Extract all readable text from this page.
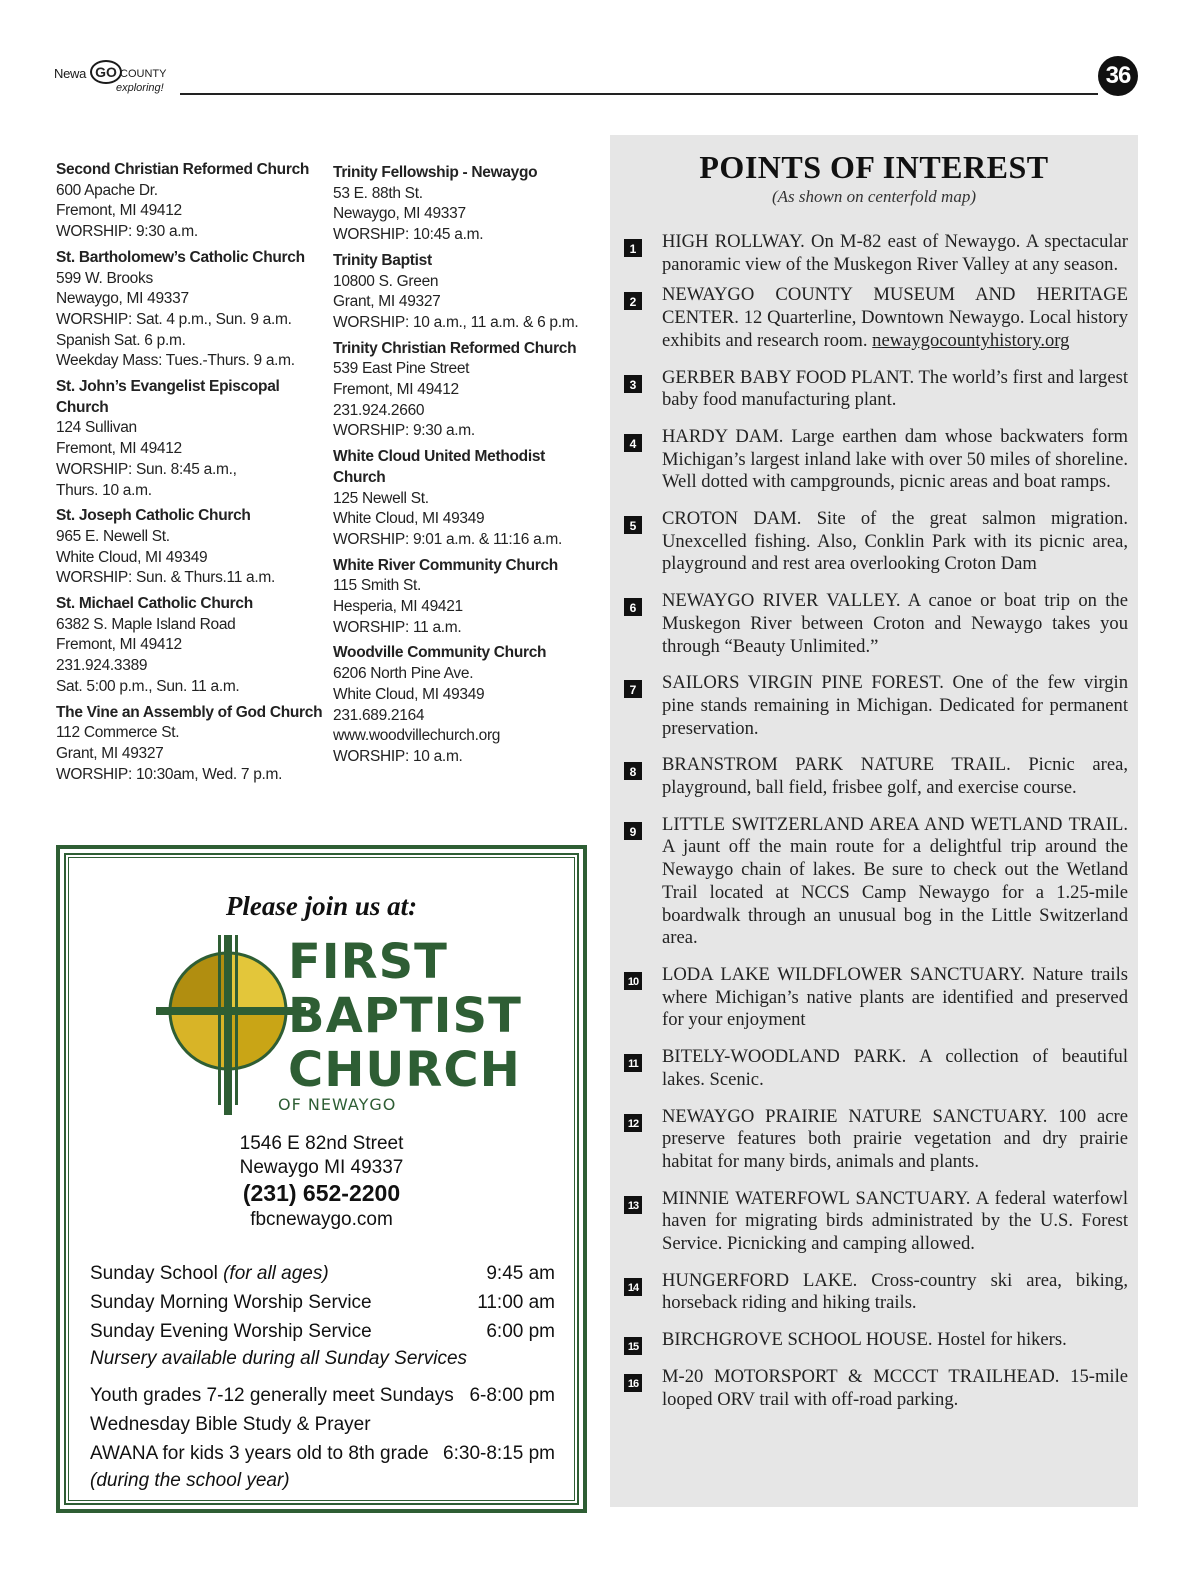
Newa GO COUNTY
exploring!	36
Second Christian Reformed Church
600 Apache Dr.
Fremont, MI 49412
WORSHIP: 9:30 a.m.
St. Bartholomew’s Catholic Church
599 W. Brooks
Newaygo, MI 49337
WORSHIP: Sat. 4 p.m., Sun. 9 a.m.
Spanish Sat. 6 p.m.
Weekday Mass: Tues.-Thurs. 9 a.m.
St. John’s Evangelist Episcopal Church
124 Sullivan
Fremont, MI 49412
WORSHIP: Sun. 8:45 a.m.,
Thurs. 10 a.m.
St. Joseph Catholic Church
965 E. Newell St.
White Cloud, MI 49349
WORSHIP: Sun. & Thurs.11 a.m.
St. Michael Catholic Church
6382 S. Maple Island Road
Fremont, MI 49412
231.924.3389
Sat. 5:00 p.m., Sun. 11 a.m.
The Vine an Assembly of God Church
112 Commerce St.
Grant, MI 49327
WORSHIP: 10:30am, Wed. 7 p.m.
Trinity Fellowship - Newaygo
53 E. 88th St.
Newaygo, MI 49337
WORSHIP: 10:45 a.m.
Trinity Baptist
10800 S. Green
Grant, MI 49327
WORSHIP: 10 a.m., 11 a.m. & 6 p.m.
Trinity Christian Reformed Church
539 East Pine Street
Fremont, MI 49412
231.924.2660
WORSHIP: 9:30 a.m.
White Cloud United Methodist Church
125 Newell St.
White Cloud, MI 49349
WORSHIP: 9:01 a.m. & 11:16 a.m.
White River Community Church
115 Smith St.
Hesperia, MI 49421
WORSHIP: 11 a.m.
Woodville Community Church
6206 North Pine Ave.
White Cloud, MI 49349
231.689.2164
www.woodvillechurch.org
WORSHIP: 10 a.m.
Please join us at:
FIRST
BAPTIST
CHURCH
OF NEWAYGO
1546 E 82nd Street
Newaygo MI 49337
(231) 652-2200
fbcnewaygo.com
Sunday School (for all ages)	9:45 am
Sunday Morning Worship Service	11:00 am
Sunday Evening Worship Service	6:00 pm
Nursery available during all Sunday Services
Youth grades 7-12 generally meet Sundays 6-8:00 pm
Wednesday Bible Study & Prayer
AWANA for kids 3 years old to 8th grade 6:30-8:15 pm
(during the school year)
POINTS OF INTEREST
(As shown on centerfold map)
1	HIGH ROLLWAY. On M-82 east of Newaygo. A spectacular panoramic view of the Muskegon River Valley at any season.
2	NEWAYGO COUNTY MUSEUM AND HERITAGE CENTER. 12 Quarterline, Downtown Newaygo. Local history exhibits and research room. newaygocountyhistory.org
3	GERBER BABY FOOD PLANT. The world’s first and largest baby food manufacturing plant.
4	HARDY DAM. Large earthen dam whose backwaters form Michigan’s largest inland lake with over 50 miles of shoreline. Well dotted with campgrounds, picnic areas and boat ramps.
5	CROTON DAM. Site of the great salmon migration. Unexcelled fishing. Also, Conklin Park with its picnic area, playground and rest area overlooking Croton Dam
6	NEWAYGO RIVER VALLEY. A canoe or boat trip on the Muskegon River between Croton and Newaygo takes you through “Beauty Unlimited.”
7	SAILORS VIRGIN PINE FOREST. One of the few virgin pine stands remaining in Michigan. Dedicated for permanent preservation.
8	BRANSTROM PARK NATURE TRAIL. Picnic area, playground, ball field, frisbee golf, and exercise course.
9	LITTLE SWITZERLAND AREA AND WETLAND TRAIL. A jaunt off the main route for a delightful trip around the Newaygo chain of lakes. Be sure to check out the Wetland Trail located at NCCS Camp Newaygo for a 1.25-mile boardwalk through an unusual bog in the Little Switzerland area.
10 LODA LAKE WILDFLOWER SANCTUARY. Nature trails where Michigan’s native plants are identified and preserved for your enjoyment
11 BITELY-WOODLAND PARK. A collection of beautiful lakes. Scenic.
12 NEWAYGO PRAIRIE NATURE SANCTUARY. 100 acre preserve features both prairie vegetation and dry prairie habitat for many birds, animals and plants.
13 MINNIE WATERFOWL SANCTUARY. A federal waterfowl haven for migrating birds administrated by the U.S. Forest Service. Picnicking and camping allowed.
14 HUNGERFORD LAKE. Cross-country ski area, biking, horseback riding and hiking trails.
15 BIRCHGROVE SCHOOL HOUSE. Hostel for hikers.
16 M-20 MOTORSPORT & MCCCT TRAILHEAD. 15-mile looped ORV trail with off-road parking.
